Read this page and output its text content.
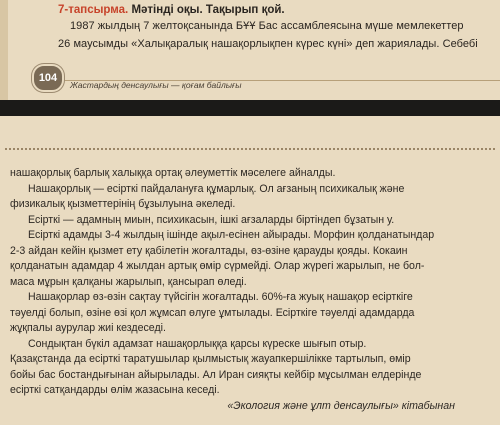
7-тапсырма. Мәтінді оқы. Тақырып қой.
1987 жылдың 7 желтоқсанында БҰҰ Бас ассамблеясына мүше мемлекеттер
26 маусымды «Халықаралық нашақорлықпен күрес күні» деп жариялады. Себебі
104
Жастардың денсаулығы — қоғам байлығы
нашақорлық барлық халыққа ортақ әлеуметтік мәселеге айналды.
Нашақорлық — есірткі пайдалануға құмарлық. Ол ағзаның психикалық және
физикалық қызметтерінің бұзылуына әкеледі.
Есірткі — адамның миын, психикасын, ішкі ағзаларды біртіндеп бұзатын у.
Есірткі адамды 3-4 жылдың ішінде ақыл-есінен айырады. Морфин қолданатындар
2-3 айдан кейін қызмет ету қабілетін жоғалтады, өз-өзіне қарауды қояды. Кокаин
қолданатын адамдар 4 жылдан артық өмір сүрмейді. Олар жүрегі жарылып, не бол-
маса мұрын қалқаны жарылып, қансырап өледі.
Нашақорлар өз-өзін сақтау түйсігін жоғалтады. 60%-ға жуық нашақор есірткіге
тәуелді болып, өзіне өзі қол жұмсап өлуге ұмтылады. Есірткіге тәуелді адамдарда
жұқпалы аурулар жиі кездеседі.
Сондықтан бүкіл адамзат нашақорлыққа қарсы күреске шығып отыр.
Қазақстанда да есірткі таратушылар қылмыстық жауапкершілікке тартылып, өмір
бойы бас бостандығынан айырылады. Ал Иран сияқты кейбір мұсылман елдерінде
есірткі сатқандарды өлім жазасына кеседі.
«Экология және ұлт денсаулығы» кітабынан
